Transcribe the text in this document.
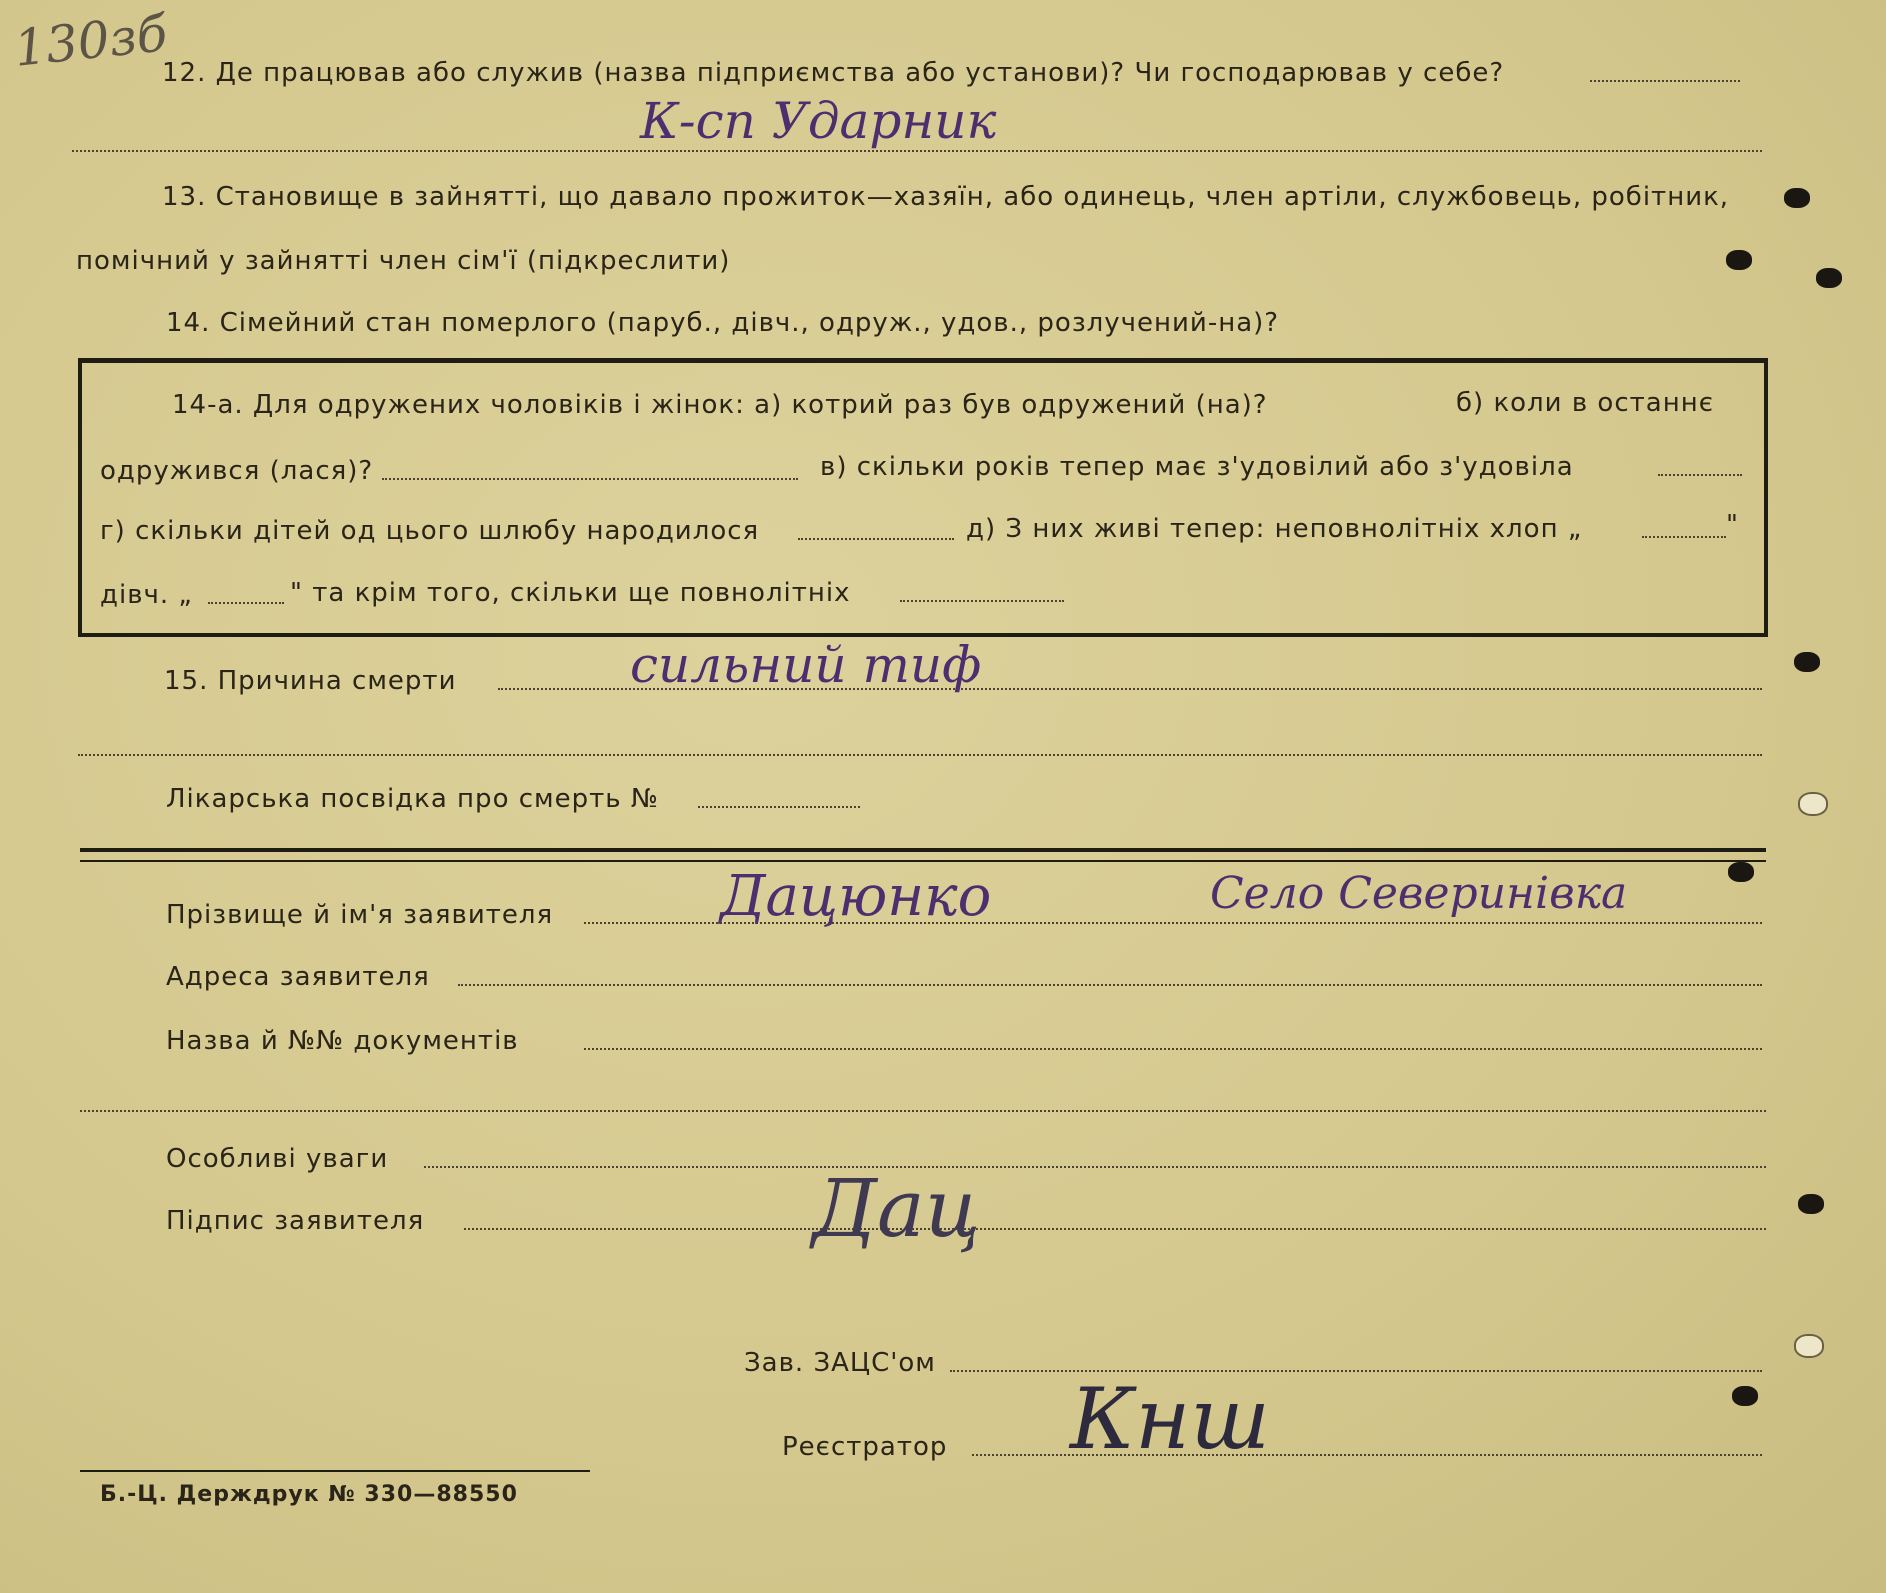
130зб
12. Де працював або служив (назва підприємства або установи)? Чи господарював у себе?
К-сп Ударник
13. Становище в зайнятті, що давало прожиток—хазяїн, або одинець, член артіли, службовець, робітник,
помічний у зайнятті член сім'ї (підкреслити)
14. Сімейний стан померлого (паруб., дівч., одруж., удов., розлучений-на)?
14-а. Для одружених чоловіків і жінок: а) котрий раз був одружений (на)?	б) коли в останнє
одружився (лася)?	в) скільки років тепер має з'удовілий або з'удовіла
г) скільки дітей од цього шлюбу народилося	д) З них живі тепер: неповнолітніх хлоп „	"
дівч. „	" та крім того, скільки ще повнолітніх
15. Причина смерти	сильний тиф
Лікарська посвідка про смерть №
Прізвище й ім'я заявителя	Дацюнко	Село Северинівка
Адреса заявителя
Назва й №№ документів
Особливі уваги
Підпис заявителя	Дац
Зав. ЗАЦС'ом
Реєстратор Кнш
Б.-Ц. Держдрук № 330—88550
